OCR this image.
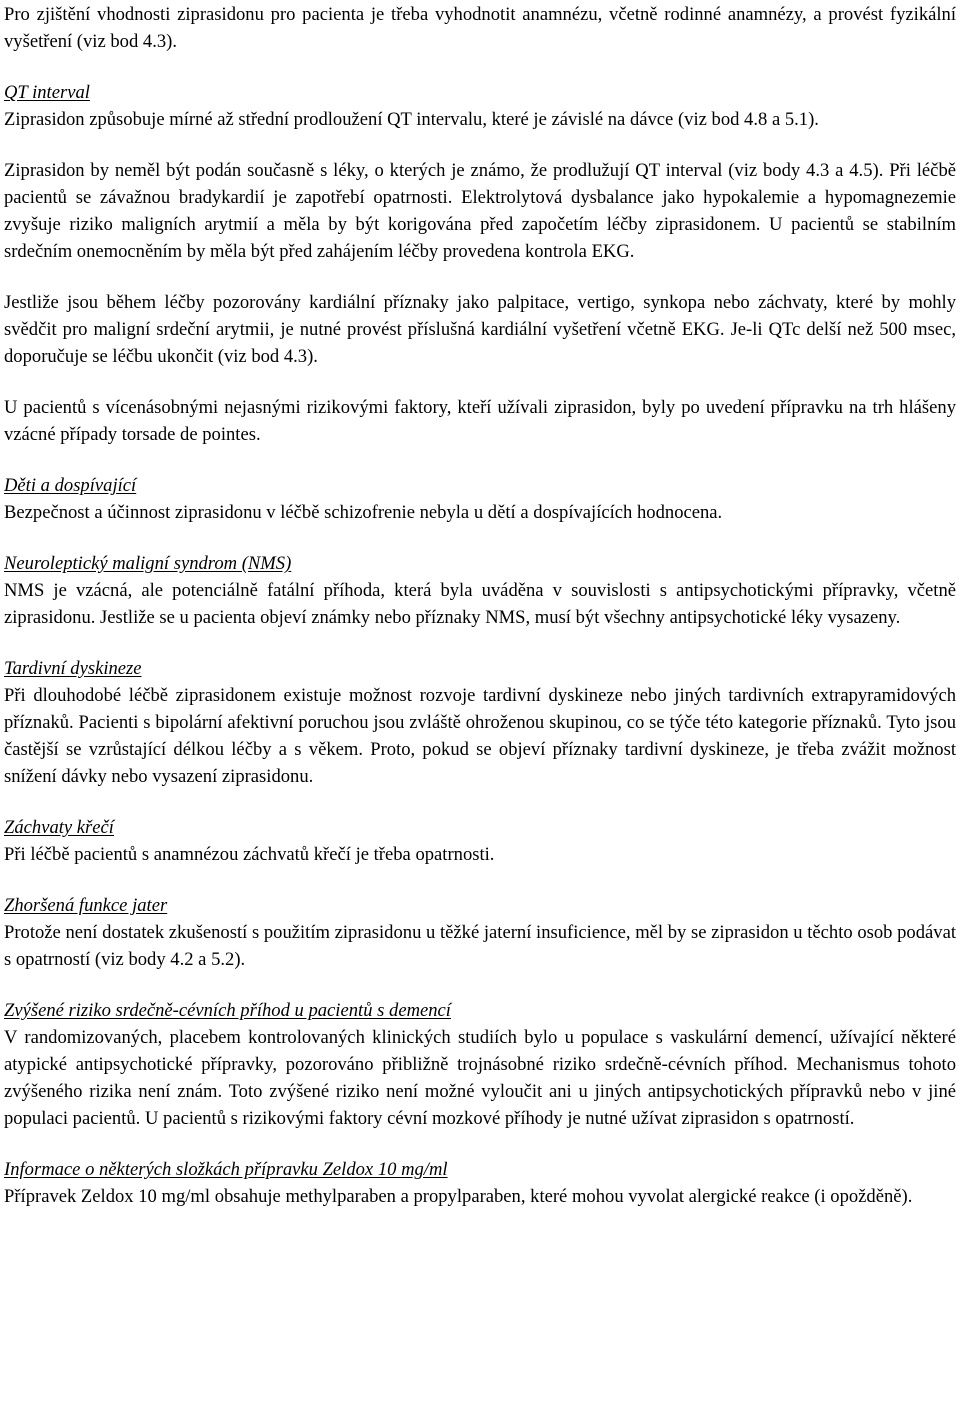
Pro zjištění vhodnosti ziprasidonu pro pacienta je třeba vyhodnotit anamnézu, včetně rodinné anamnézy, a provést fyzikální vyšetření (viz bod 4.3).

QT interval

Ziprasidon způsobuje mírné až střední prodloužení QT intervalu, které je závislé na dávce (viz bod 4.8 a 5.1).

Ziprasidon by neměl být podán současně s léky, o kterých je známo, že prodlužují QT interval (viz body 4.3 a 4.5). Při léčbě pacientů se závažnou bradykardií je zapotřebí opatrnosti. Elektrolytová dysbalance jako hypokalemie a hypomagnezemie zvyšuje riziko maligních arytmií a měla by být korigována před započetím léčby ziprasidonem. U pacientů se stabilním srdečním onemocněním by měla být před zahájením léčby provedena kontrola EKG.

Jestliže jsou během léčby pozorovány kardiální příznaky jako palpitace, vertigo, synkopa nebo záchvaty, které by mohly svědčit pro maligní srdeční arytmii, je nutné provést příslušná kardiální vyšetření včetně EKG. Je-li QTc delší než 500 msec, doporučuje se léčbu ukončit (viz bod 4.3).

U pacientů s vícenásobnými nejasnými rizikovými faktory, kteří užívali ziprasidon, byly po uvedení přípravku na trh hlášeny vzácné případy torsade de pointes.

Děti a dospívající

Bezpečnost a účinnost ziprasidonu v léčbě schizofrenie nebyla u dětí a dospívajících hodnocena.

Neuroleptický maligní syndrom (NMS)

NMS je vzácná, ale potenciálně fatální příhoda, která byla uváděna v souvislosti s antipsychotickými přípravky, včetně ziprasidonu. Jestliže se u pacienta objeví známky nebo příznaky NMS, musí být všechny antipsychotické léky vysazeny.

Tardivní dyskineze

Při dlouhodobé léčbě ziprasidonem existuje možnost rozvoje tardivní dyskineze nebo jiných tardivních extrapyramidových příznaků. Pacienti s bipolární afektivní poruchou jsou zvláště ohroženou skupinou, co se týče této kategorie příznaků. Tyto jsou častější se vzrůstající délkou léčby a s věkem. Proto, pokud se objeví příznaky tardivní dyskineze, je třeba zvážit možnost snížení dávky nebo vysazení ziprasidonu.

Záchvaty křečí

Při léčbě pacientů s anamnézou záchvatů křečí je třeba opatrnosti.

Zhoršená funkce jater

Protože není dostatek zkušeností s použitím ziprasidonu u těžké jaterní insuficience, měl by se ziprasidon u těchto osob podávat s opatrností (viz body 4.2 a 5.2).

Zvýšené riziko srdečně-cévních příhod u pacientů s demencí

V randomizovaných, placebem kontrolovaných klinických studiích bylo u populace s vaskulární demencí, užívající některé atypické antipsychotické přípravky, pozorováno přibližně trojnásobné riziko srdečně-cévních příhod. Mechanismus tohoto zvýšeného rizika není znám. Toto zvýšené riziko není možné vyloučit ani u jiných antipsychotických přípravků nebo v jiné populaci pacientů. U pacientů s rizikovými faktory cévní mozkové příhody je nutné užívat ziprasidon s opatrností.

Informace o některých složkách přípravku Zeldox 10 mg/ml

Přípravek Zeldox 10 mg/ml obsahuje methylparaben a propylparaben, které mohou vyvolat alergické reakce (i opožděně).
